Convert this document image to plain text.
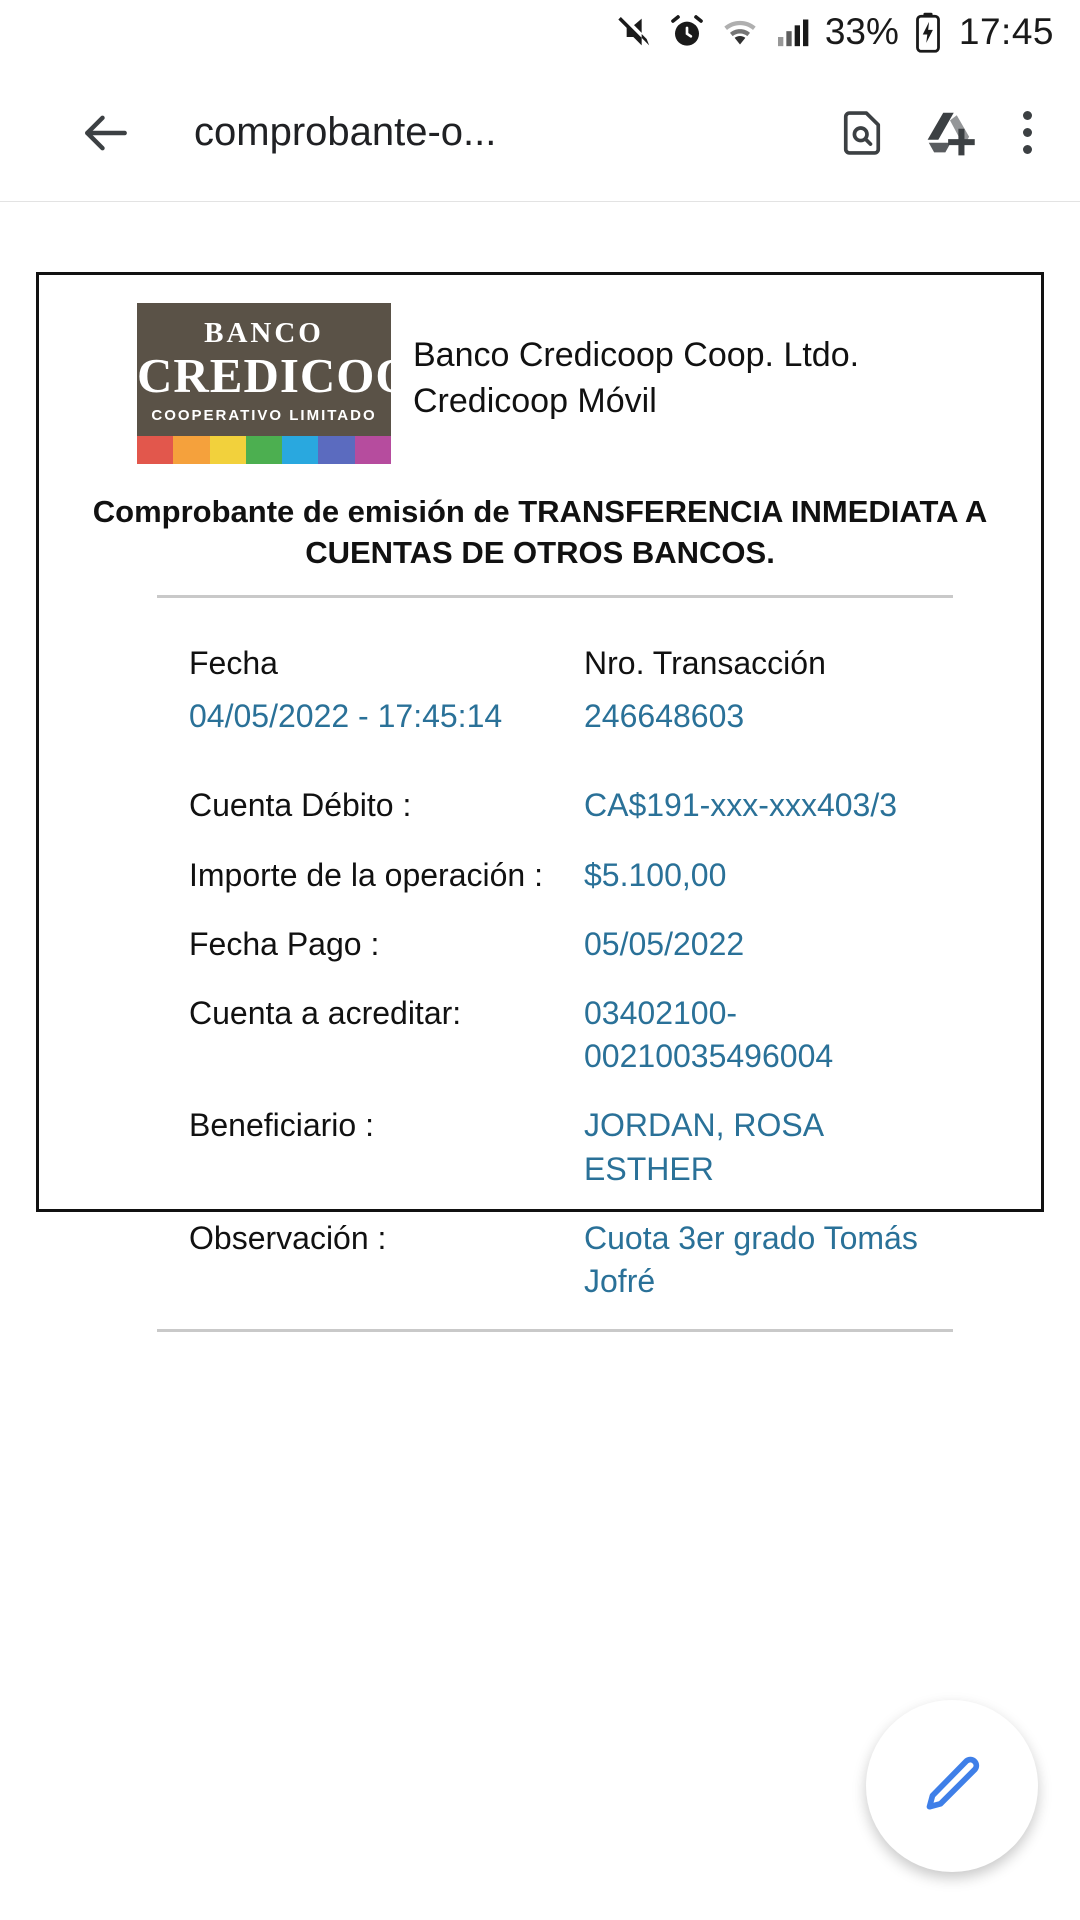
33% 17:45
comprobante-o...
BANCO
CREDICOOP
COOPERATIVO LIMITADO
Banco Credicoop Coop. Ltdo.
Credicoop Móvil
Comprobante de emisión de TRANSFERENCIA INMEDIATA A CUENTAS DE OTROS BANCOS.
Fecha	Nro. Transacción
04/05/2022 - 17:45:14	246648603
Cuenta Débito :	CA$191-xxx-xxx403/3
Importe de la operación :	$5.100,00
Fecha Pago :	05/05/2022
Cuenta a acreditar:	03402100-00210035496004
Beneficiario :	JORDAN, ROSA ESTHER
Observación :	Cuota 3er grado Tomás Jofré
